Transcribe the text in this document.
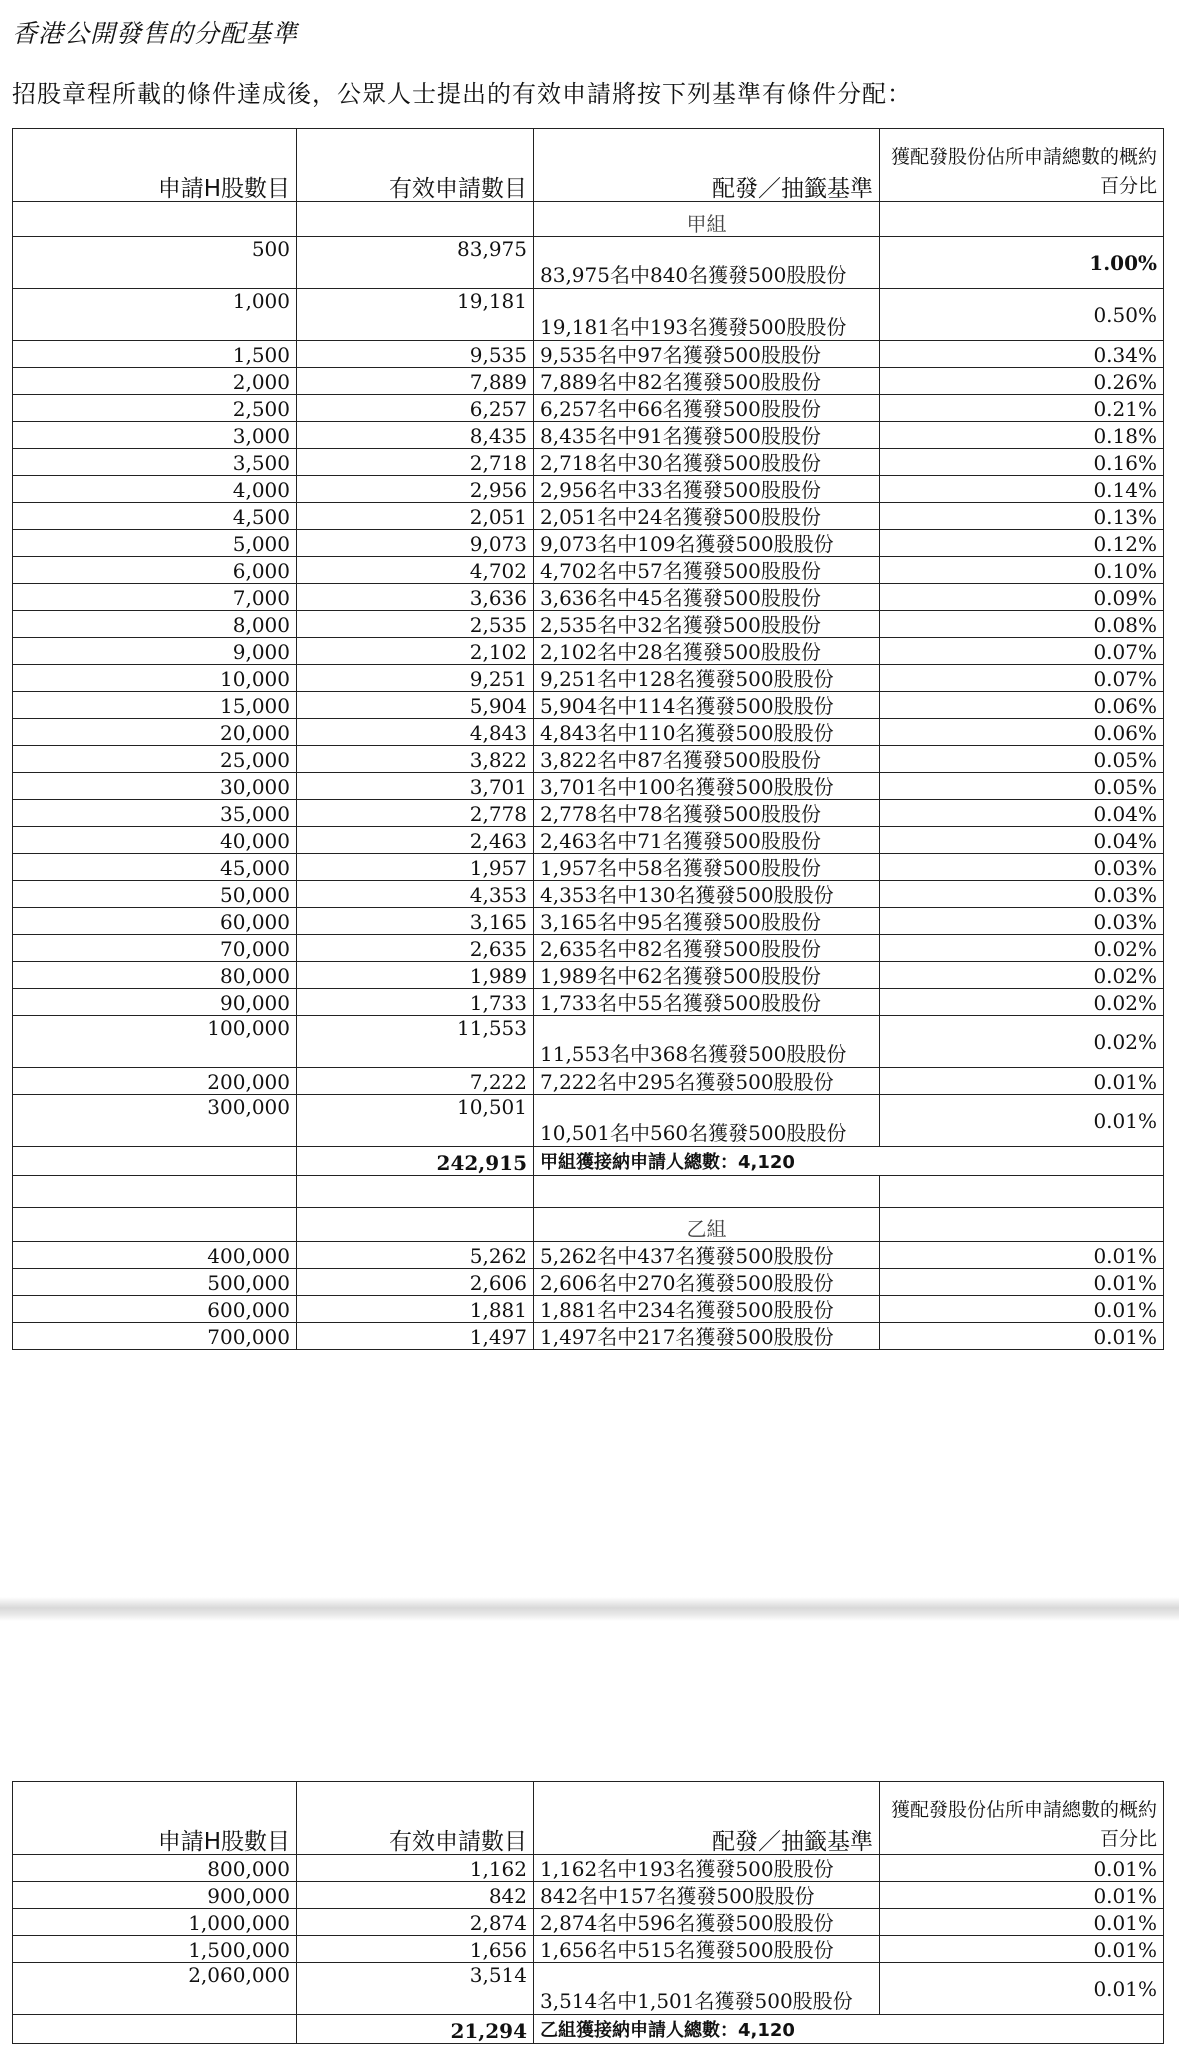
香港公開發售的分配基準
招股章程所載的條件達成後，公眾人士提出的有效申請將按下列基準有條件分配：
申請H股數目	有效申請數目	配發／抽籤基準	獲配發股份佔所申請總數的概約
百分比
		甲組	
500	83,975	83,975名中840名獲發500股股份	1.00%
1,000	19,181	19,181名中193名獲發500股股份	0.50%
1,500	9,535	9,535名中97名獲發500股股份	0.34%
2,000	7,889	7,889名中82名獲發500股股份	0.26%
2,500	6,257	6,257名中66名獲發500股股份	0.21%
3,000	8,435	8,435名中91名獲發500股股份	0.18%
3,500	2,718	2,718名中30名獲發500股股份	0.16%
4,000	2,956	2,956名中33名獲發500股股份	0.14%
4,500	2,051	2,051名中24名獲發500股股份	0.13%
5,000	9,073	9,073名中109名獲發500股股份	0.12%
6,000	4,702	4,702名中57名獲發500股股份	0.10%
7,000	3,636	3,636名中45名獲發500股股份	0.09%
8,000	2,535	2,535名中32名獲發500股股份	0.08%
9,000	2,102	2,102名中28名獲發500股股份	0.07%
10,000	9,251	9,251名中128名獲發500股股份	0.07%
15,000	5,904	5,904名中114名獲發500股股份	0.06%
20,000	4,843	4,843名中110名獲發500股股份	0.06%
25,000	3,822	3,822名中87名獲發500股股份	0.05%
30,000	3,701	3,701名中100名獲發500股股份	0.05%
35,000	2,778	2,778名中78名獲發500股股份	0.04%
40,000	2,463	2,463名中71名獲發500股股份	0.04%
45,000	1,957	1,957名中58名獲發500股股份	0.03%
50,000	4,353	4,353名中130名獲發500股股份	0.03%
60,000	3,165	3,165名中95名獲發500股股份	0.03%
70,000	2,635	2,635名中82名獲發500股股份	0.02%
80,000	1,989	1,989名中62名獲發500股股份	0.02%
90,000	1,733	1,733名中55名獲發500股股份	0.02%
100,000	11,553	11,553名中368名獲發500股股份	0.02%
200,000	7,222	7,222名中295名獲發500股股份	0.01%
300,000	10,501	10,501名中560名獲發500股股份	0.01%
	242,915	甲組獲接納申請人總數：4,120	

		乙組	
400,000	5,262	5,262名中437名獲發500股股份	0.01%
500,000	2,606	2,606名中270名獲發500股股份	0.01%
600,000	1,881	1,881名中234名獲發500股股份	0.01%
700,000	1,497	1,497名中217名獲發500股股份	0.01%
申請H股數目	有效申請數目	配發／抽籤基準	獲配發股份佔所申請總數的概約
百分比
800,000	1,162	1,162名中193名獲發500股股份	0.01%
900,000	842	842名中157名獲發500股股份	0.01%
1,000,000	2,874	2,874名中596名獲發500股股份	0.01%
1,500,000	1,656	1,656名中515名獲發500股股份	0.01%
2,060,000	3,514	3,514名中1,501名獲發500股股份	0.01%
	21,294	乙組獲接納申請人總數：4,120	
